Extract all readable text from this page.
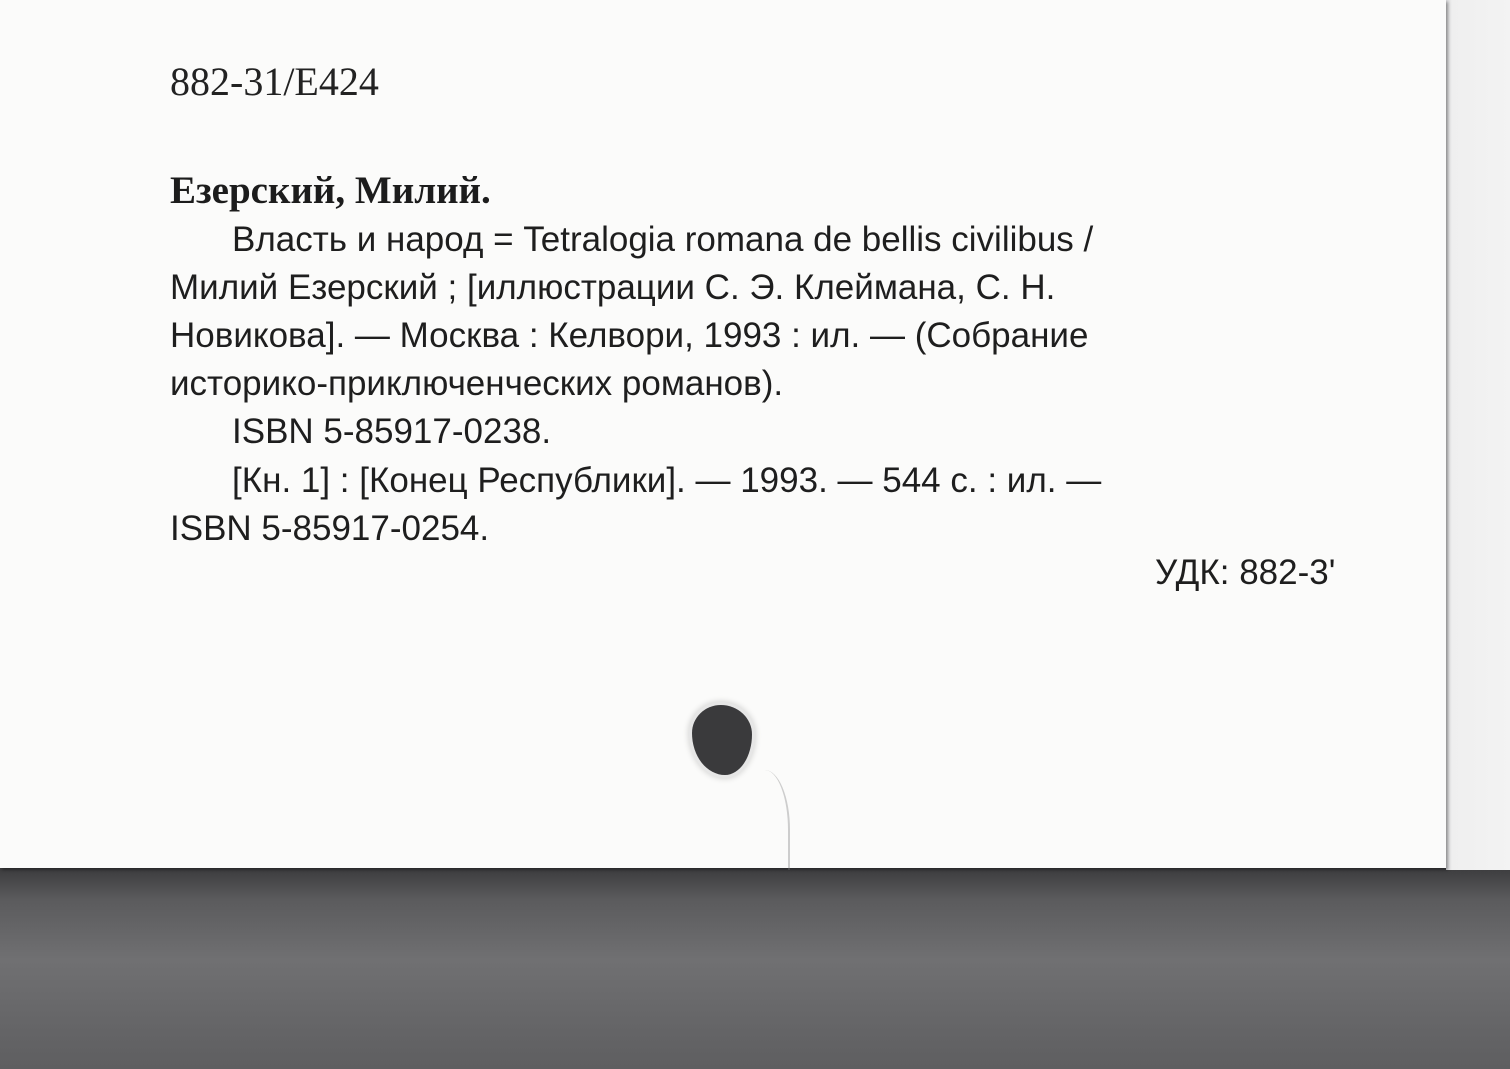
882-31/E424
Езерский, Милий.
Власть и народ = Tetralogia romana de bellis civilibus /
Милий Езерский ; [иллюстрации С. Э. Клеймана, С. Н.
Новикова]. — Москва : Келвори, 1993 : ил. — (Собрание
историко-приключенческих романов).
ISBN 5-85917-0238.
[Кн. 1] : [Конец Республики]. — 1993. — 544 с. : ил. —
ISBN 5-85917-0254.
УДК: 882-3'
